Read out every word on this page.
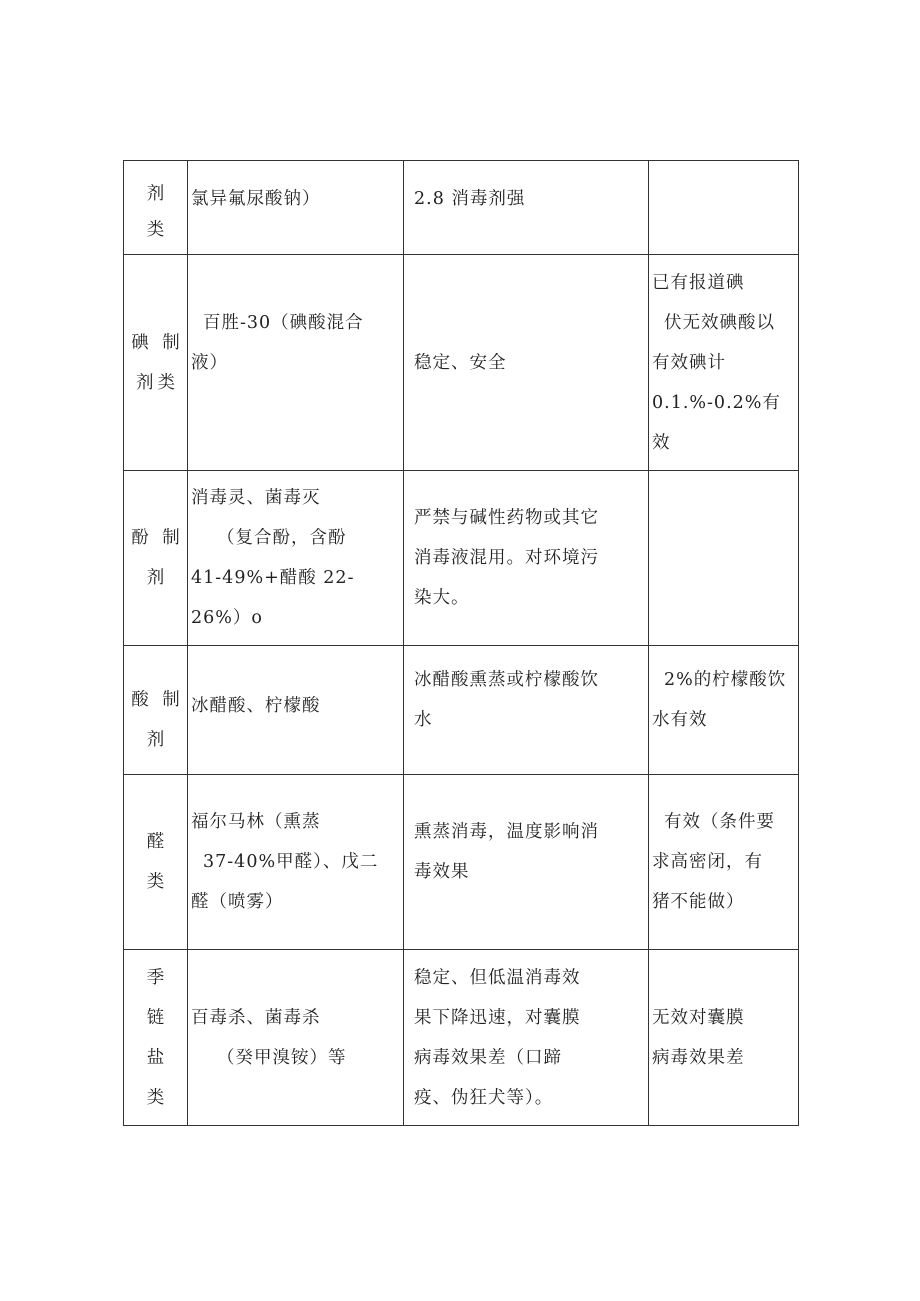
剂
类	氯异氟尿酸钠）	2.8 消毒剂强	

碘 制
剂类	百胜-30（碘酸混合
液）	稳定、安全	已有报道碘
伏无效碘酸以
有效碘计
0.1.%-0.2%有
效

酚 制
剂	消毒灵、菌毒灭
（复合酚，含酚
41-49%+醋酸 22-
26%）o	严禁与碱性药物或其它
消毒液混用。对环境污
染大。	

酸 制
剂	冰醋酸、柠檬酸	冰醋酸熏蒸或柠檬酸饮
水	2%的柠檬酸饮
水有效

醛
类	福尔马林（熏蒸
37-40%甲醛）、戊二
醛（喷雾）	熏蒸消毒，温度影响消
毒效果	有效（条件要
求高密闭，有
猪不能做）

季
链
盐
类	百毒杀、菌毒杀
（癸甲溴铵）等	稳定、但低温消毒效
果下降迅速，对囊膜
病毒效果差（口蹄
疫、伪狂犬等）。	无效对囊膜
病毒效果差
